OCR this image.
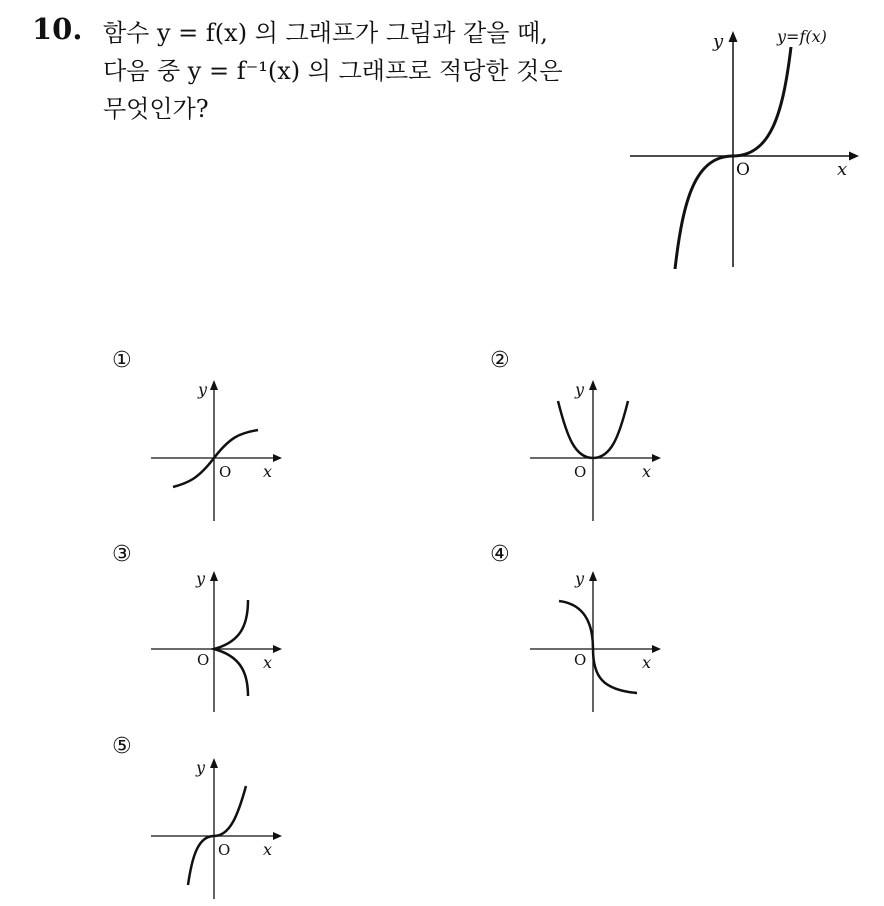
10. 함수 y = f(x) 의 그래프가 그림과 같을 때,
다음 중 y = f⁻¹(x) 의 그래프로 적당한 것은
무엇인가?
y	y=f(x)
O	x
①
y
O x
②
y
O	x
③
y
O	x
④
y
O	x
⑤
y
O x
